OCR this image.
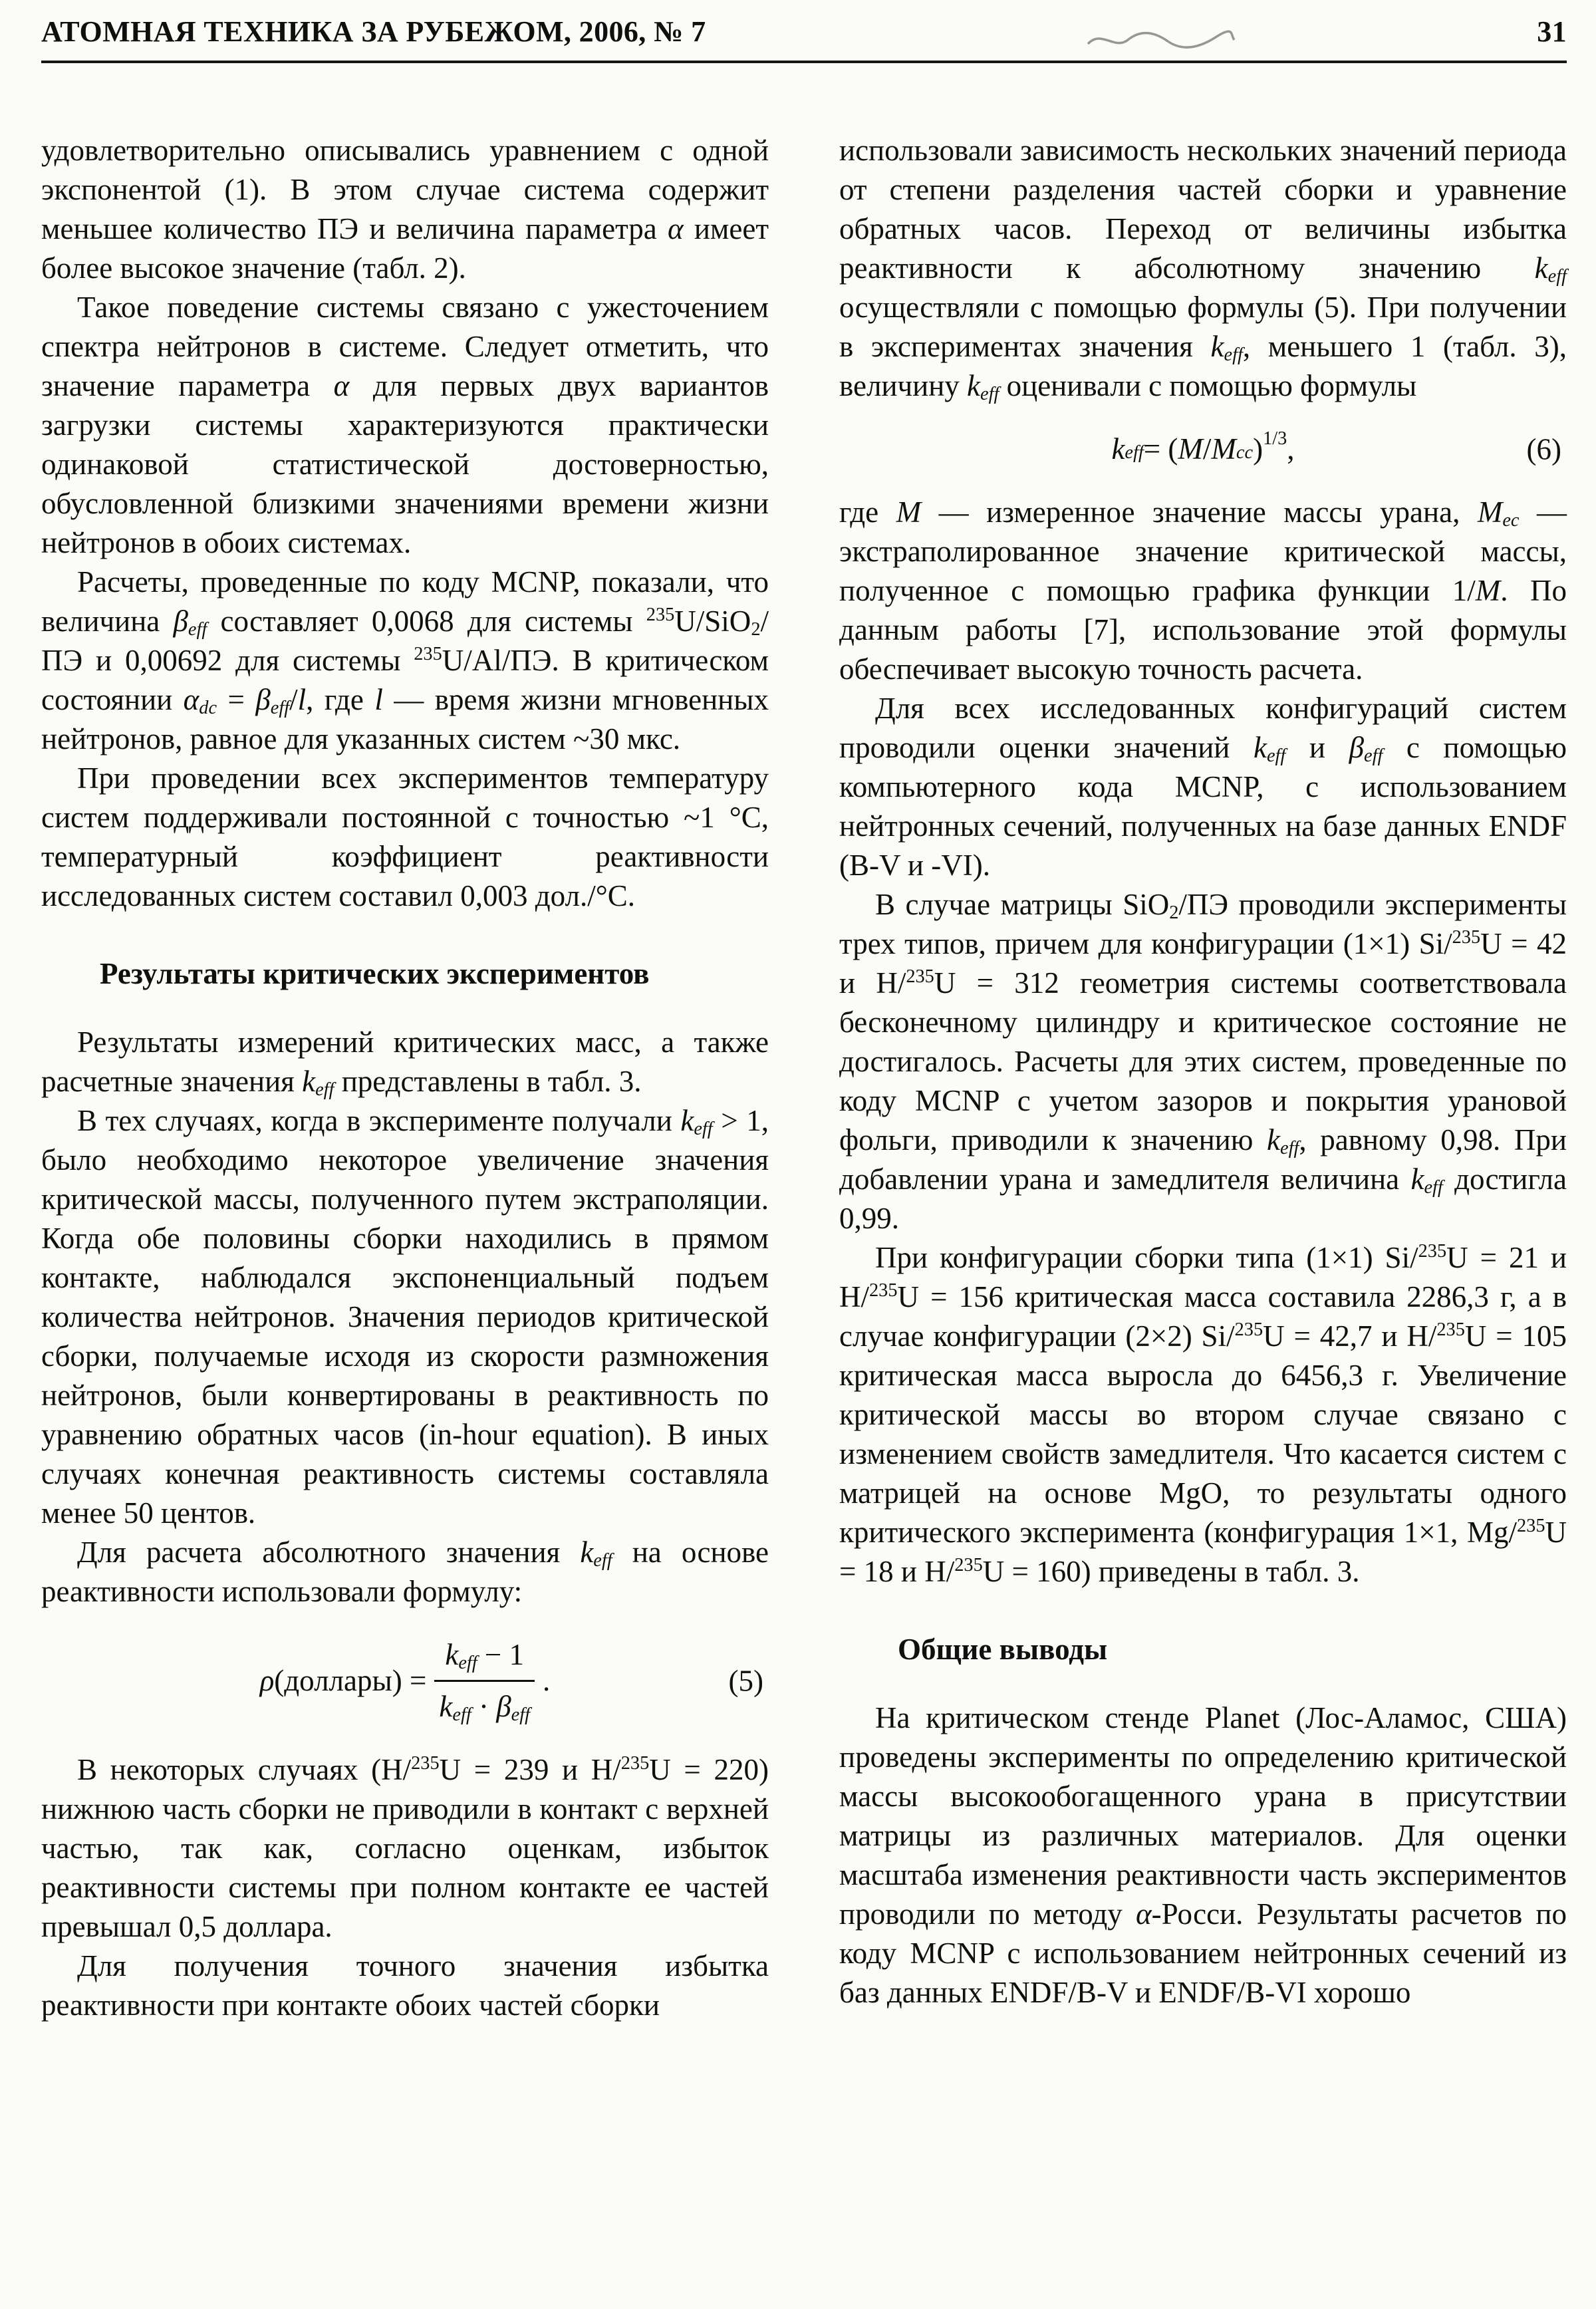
АТОМНАЯ ТЕХНИКА ЗА РУБЕЖОМ, 2006, № 7	31

удовлетворительно описывались уравнением с одной экспонентой (1). В этом случае система содержит меньшее количество ПЭ и величина параметра α имеет более высокое значение (табл. 2).

Такое поведение системы связано с ужесточением спектра нейтронов в системе. Следует отметить, что значение параметра α для первых двух вариантов загрузки системы характеризуются практически одинаковой статистической достоверностью, обусловленной близкими значениями времени жизни нейтронов в обоих системах.

Расчеты, проведенные по коду MCNP, показали, что величина $\beta_{eff}$ составляет 0,0068 для системы $^{235}$U/SiO$_2$/ПЭ и 0,00692 для системы $^{235}$U/Al/ПЭ. В критическом состоянии $\alpha_{dc} = \beta_{eff}/l$, где l — время жизни мгновенных нейтронов, равное для указанных систем ~30 мкс.

При проведении всех экспериментов температуру систем поддерживали постоянной с точностью ~1 °С, температурный коэффициент реактивности исследованных систем составил 0,003 дол./°С.

Результаты критических экспериментов

Результаты измерений критических масс, а также расчетные значения $k_{eff}$ представлены в табл. 3.

В тех случаях, когда в эксперименте получали $k_{eff} > 1$, было необходимо некоторое увеличение значения критической массы, полученного путем экстраполяции. Когда обе половины сборки находились в прямом контакте, наблюдался экспоненциальный подъем количества нейтронов. Значения периодов критической сборки, получаемые исходя из скорости размножения нейтронов, были конвертированы в реактивность по уравнению обратных часов (in-hour equation). В иных случаях конечная реактивность системы составляла менее 50 центов.

Для расчета абсолютного значения $k_{eff}$ на основе реактивности использовали формулу:

ρ (доллары) = $\frac{k_{eff} - 1}{k_{eff} \cdot \beta_{eff}}$ .	(5)

В некоторых случаях (H/$^{235}$U = 239 и H/$^{235}$U = 220) нижнюю часть сборки не приводили в контакт с верхней частью, так как, согласно оценкам, избыток реактивности системы при полном контакте ее частей превышал 0,5 доллара.

Для получения точного значения избытка реактивности при контакте обоих частей сборки

использовали зависимость нескольких значений периода от степени разделения частей сборки и уравнение обратных часов. Переход от величины избытка реактивности к абсолютному значению $k_{eff}$ осуществляли с помощью формулы (5). При получении в экспериментах значения $k_{eff}$, меньшего 1 (табл. 3), величину $k_{eff}$ оценивали с помощью формулы

k $_{eff}$ = ( M / M $_{cc}$ )$^{1/3}$ ,	(6)

где M — измеренное значение массы урана, $M_{ec}$ — экстраполированное значение критической массы, полученное с помощью графика функции 1/M. По данным работы [7], использование этой формулы обеспечивает высокую точность расчета.

Для всех исследованных конфигураций систем проводили оценки значений $k_{eff}$ и $\beta_{eff}$ с помощью компьютерного кода MCNP, с использованием нейтронных сечений, полученных на базе данных ENDF (B-V и -VI).

В случае матрицы SiO$_2$/ПЭ проводили эксперименты трех типов, причем для конфигурации (1×1) Si/$^{235}$U = 42 и H/$^{235}$U = 312 геометрия системы соответствовала бесконечному цилиндру и критическое состояние не достигалось. Расчеты для этих систем, проведенные по коду MCNP с учетом зазоров и покрытия урановой фольги, приводили к значению $k_{eff}$, равному 0,98. При добавлении урана и замедлителя величина $k_{eff}$ достигла 0,99.

При конфигурации сборки типа (1×1) Si/$^{235}$U = 21 и H/$^{235}$U = 156 критическая масса составила 2286,3 г, а в случае конфигурации (2×2) Si/$^{235}$U = 42,7 и H/$^{235}$U = 105 критическая масса выросла до 6456,3 г. Увеличение критической массы во втором случае связано с изменением свойств замедлителя. Что касается систем с матрицей на основе MgO, то результаты одного критического эксперимента (конфигурация 1×1, Mg/$^{235}$U = 18 и H/$^{235}$U = 160) приведены в табл. 3.

Общие выводы

На критическом стенде Planet (Лос-Аламос, США) проведены эксперименты по определению критической массы высокообогащенного урана в присутствии матрицы из различных материалов. Для оценки масштаба изменения реактивности часть экспериментов проводили по методу α-Росси. Результаты расчетов по коду MCNP с использованием нейтронных сечений из баз данных ENDF/B-V и ENDF/B-VI хорошо
